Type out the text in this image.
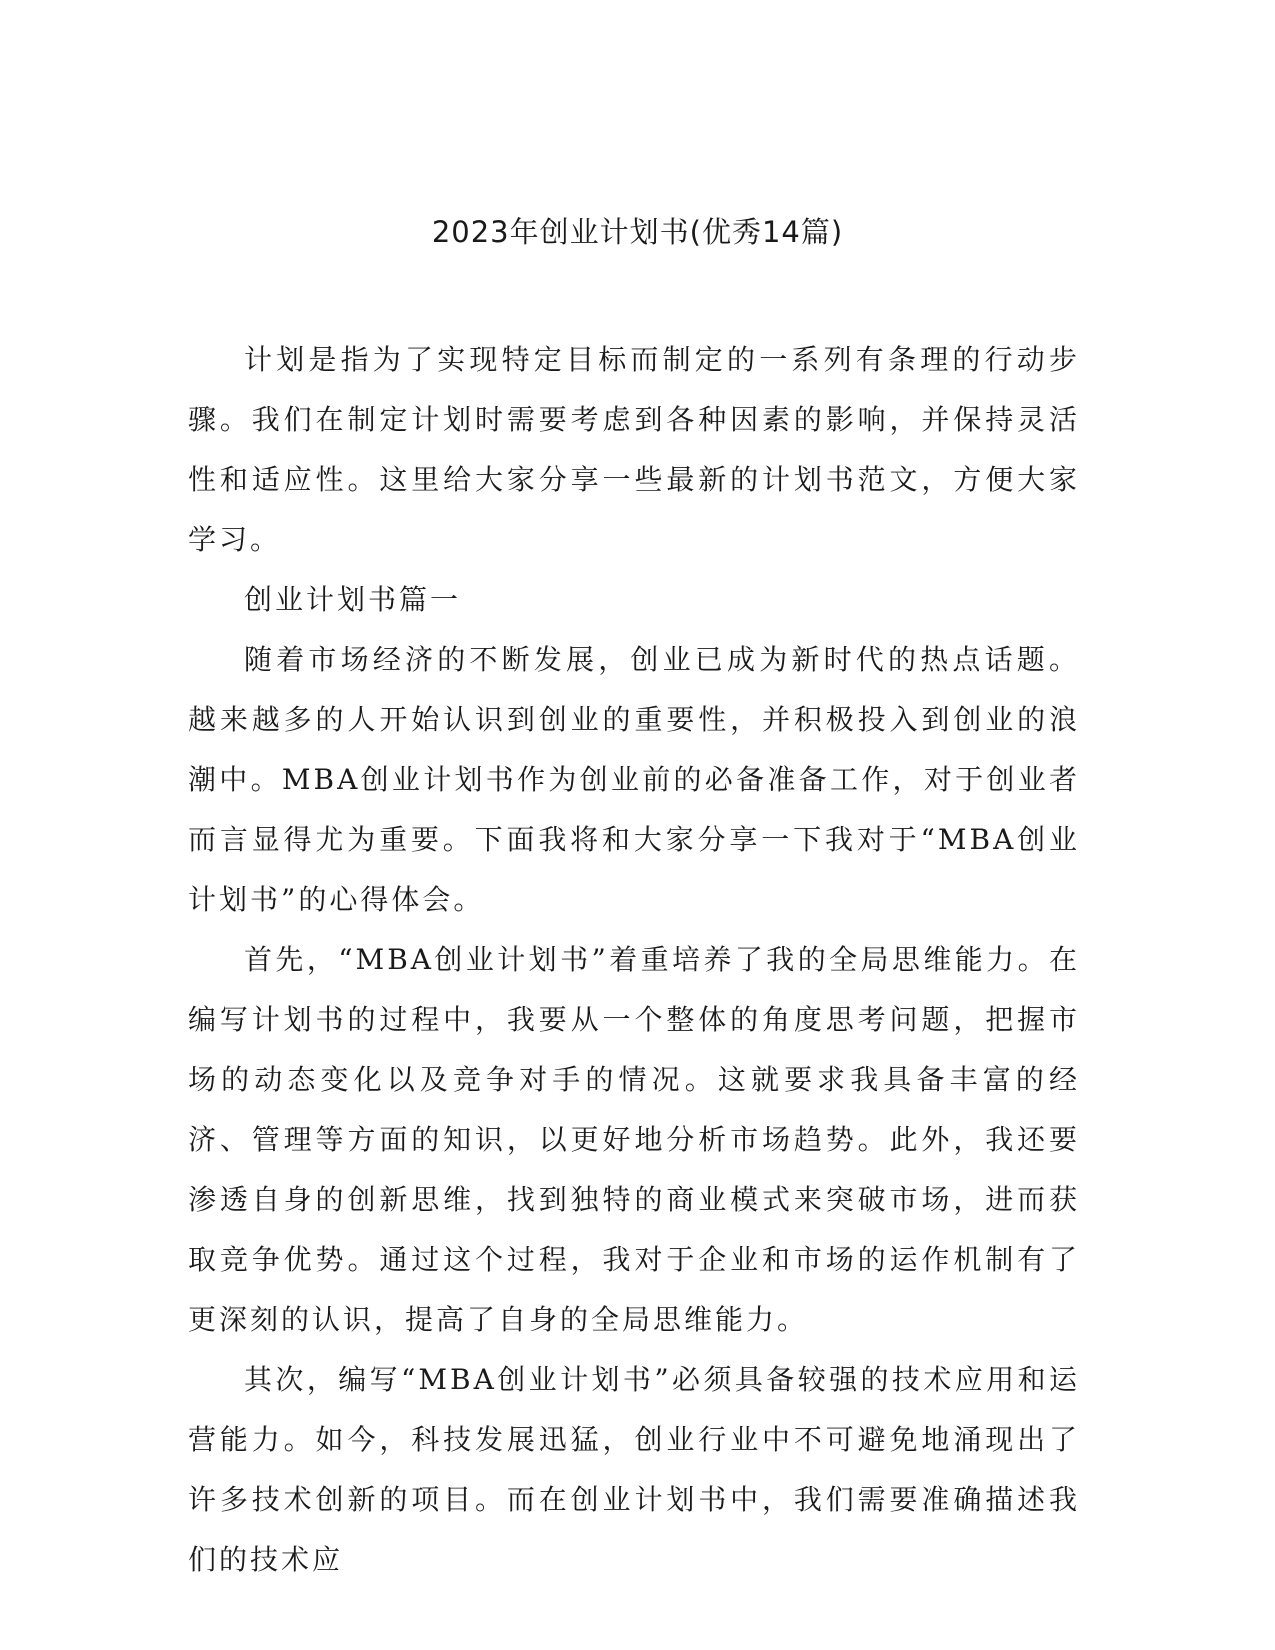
2023年创业计划书(优秀14篇)

计划是指为了实现特定目标而制定的一系列有条理的行动步骤。我们在制定计划时需要考虑到各种因素的影响，并保持灵活性和适应性。这里给大家分享一些最新的计划书范文，方便大家学习。

创业计划书篇一

随着市场经济的不断发展，创业已成为新时代的热点话题。越来越多的人开始认识到创业的重要性，并积极投入到创业的浪潮中。MBA创业计划书作为创业前的必备准备工作，对于创业者而言显得尤为重要。下面我将和大家分享一下我对于“MBA创业计划书”的心得体会。

首先，“MBA创业计划书”着重培养了我的全局思维能力。在编写计划书的过程中，我要从一个整体的角度思考问题，把握市场的动态变化以及竞争对手的情况。这就要求我具备丰富的经济、管理等方面的知识，以更好地分析市场趋势。此外，我还要渗透自身的创新思维，找到独特的商业模式来突破市场，进而获取竞争优势。通过这个过程，我对于企业和市场的运作机制有了更深刻的认识，提高了自身的全局思维能力。

其次，编写“MBA创业计划书”必须具备较强的技术应用和运营能力。如今，科技发展迅猛，创业行业中不可避免地涌现出了许多技术创新的项目。而在创业计划书中，我们需要准确描述我们的技术应
